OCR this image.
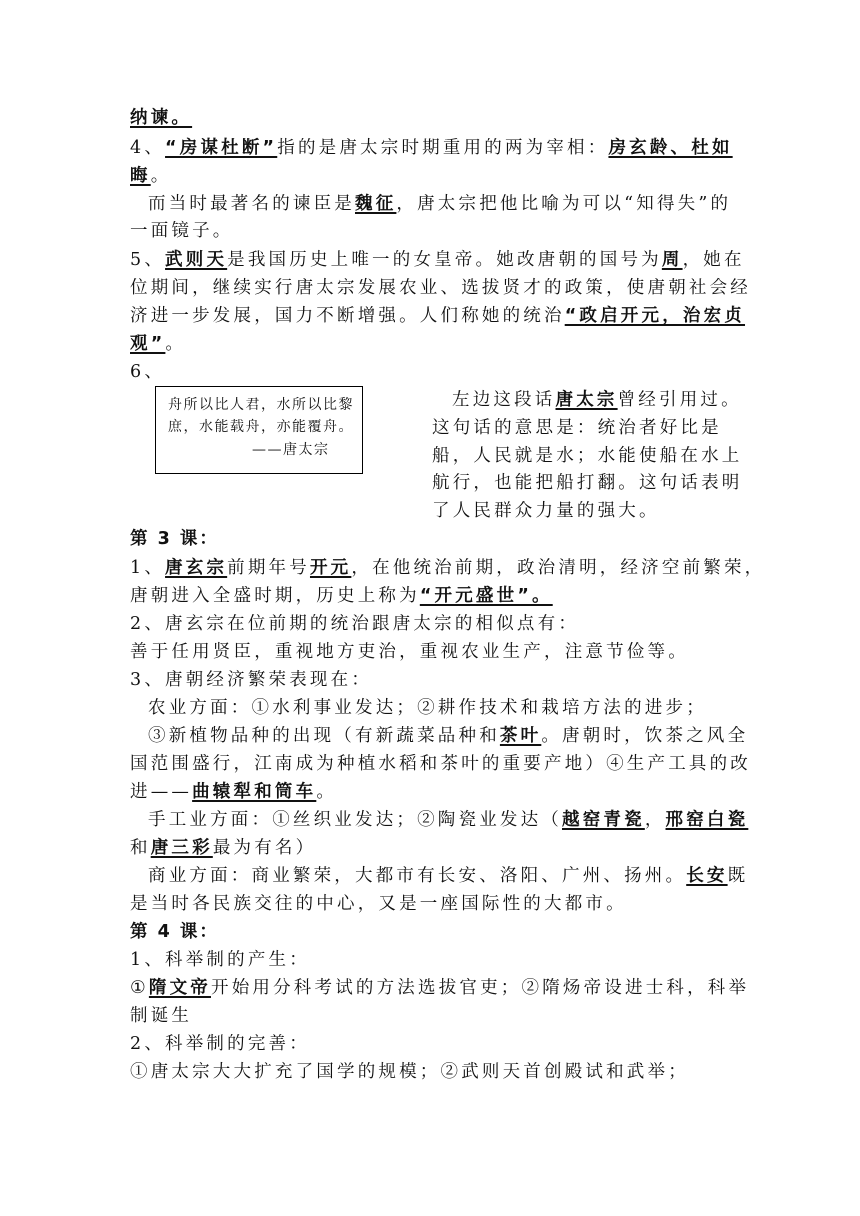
纳谏。
4、“房谋杜断”指的是唐太宗时期重用的两为宰相：房玄龄、杜如
晦。
而当时最著名的谏臣是魏征，唐太宗把他比喻为可以“知得失”的
一面镜子。
5、武则天是我国历史上唯一的女皇帝。她改唐朝的国号为周，她在
位期间，继续实行唐太宗发展农业、选拔贤才的政策，使唐朝社会经
济进一步发展，国力不断增强。人们称她的统治“政启开元，治宏贞
观”。
6、
舟所以比人君，水所以比黎
庶，水能载舟，亦能覆舟。
——唐太宗
左边这段话唐太宗曾经引用过。
这句话的意思是：统治者好比是
船，人民就是水；水能使船在水上
航行，也能把船打翻。这句话表明
了人民群众力量的强大。
第 3 课：
1、唐玄宗前期年号开元，在他统治前期，政治清明，经济空前繁荣，
唐朝进入全盛时期，历史上称为“开元盛世”。
2、唐玄宗在位前期的统治跟唐太宗的相似点有：
善于任用贤臣，重视地方吏治，重视农业生产，注意节俭等。
3、唐朝经济繁荣表现在：
农业方面：①水利事业发达；②耕作技术和栽培方法的进步；
③新植物品种的出现（有新蔬菜品种和茶叶。唐朝时，饮茶之风全
国范围盛行，江南成为种植水稻和茶叶的重要产地）④生产工具的改
进——曲辕犁和筒车。
手工业方面：①丝织业发达；②陶瓷业发达（越窑青瓷，邢窑白瓷
和唐三彩最为有名）
商业方面：商业繁荣，大都市有长安、洛阳、广州、扬州。长安既
是当时各民族交往的中心，又是一座国际性的大都市。
第 4 课：
1、科举制的产生：
①隋文帝开始用分科考试的方法选拔官吏；②隋炀帝设进士科，科举
制诞生
2、科举制的完善：
①唐太宗大大扩充了国学的规模；②武则天首创殿试和武举；
